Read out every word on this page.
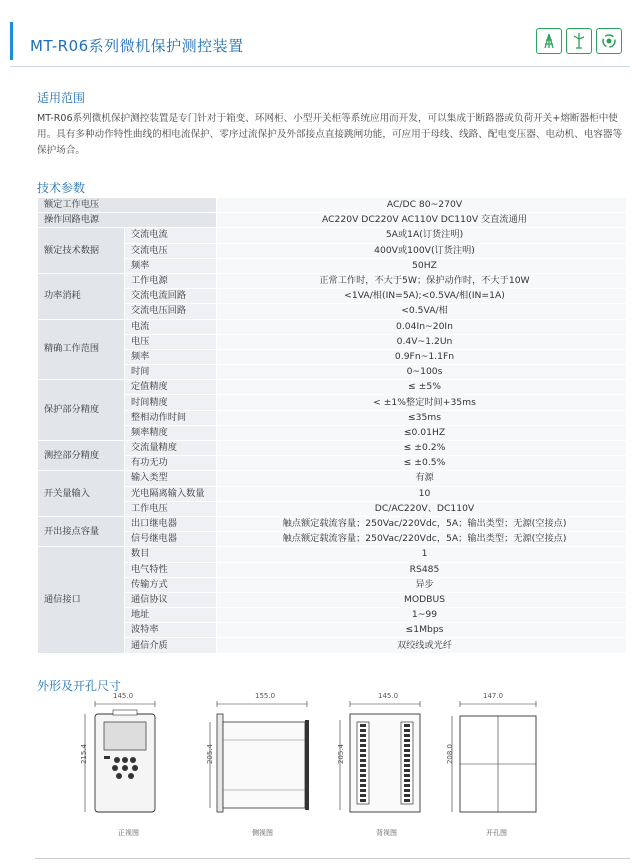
MT-R06系列微机保护测控装置
适用范围
MT-R06系列微机保护测控装置是专门针对于箱变、环网柜、小型开关柜等系统应用而开发，可以集成于断路器或负荷开关+熔断器柜中使用。具有多种动作特性曲线的相电流保护、零序过流保护及外部接点直接跳闸功能，可应用于母线、线路、配电变压器、电动机、电容器等保护场合。
技术参数
额定工作电压		AC/DC 80~270V
操作回路电源		AC220V DC220V AC110V DC110V 交直流通用
额定技术数据	交流电流	5A或1A(订货注明)
	交流电压	400V或100V(订货注明)
	频率	50HZ
功率消耗	工作电源	正常工作时，不大于5W；保护动作时，不大于10W
	交流电流回路	<1VA/相(IN=5A);<0.5VA/相(IN=1A)
	交流电压回路	<0.5VA/相
精确工作范围	电流	0.04In~20In
	电压	0.4V~1.2Un
	频率	0.9Fn~1.1Fn
	时间	0~100s
保护部分精度	定值精度	≤ ±5%
	时间精度	< ±1%整定时间+35ms
	整相动作时间	≤35ms
	频率精度	≤0.01HZ
测控部分精度	交流量精度	≤ ±0.2%
	有功无功	≤ ±0.5%
开关量输入	输入类型	有源
	光电隔离输入数量	10
	工作电压	DC/AC220V、DC110V
开出接点容量	出口继电器	触点额定载流容量；250Vac/220Vdc，5A；输出类型；无源(空接点)
	信号继电器	触点额定载流容量；250Vac/220Vdc，5A；输出类型；无源(空接点)
通信接口	数目	1
	电气特性	RS485
	传输方式	异步
	通信协议	MODBUS
	地址	1~99
	波特率	≤1Mbps
	通信介质	双绞线或光纤
外形及开孔尺寸
145.0
215.4
正视图
155.0
205.4
侧视图
145.0
205.4
背视图
147.0
208.0
开孔图
